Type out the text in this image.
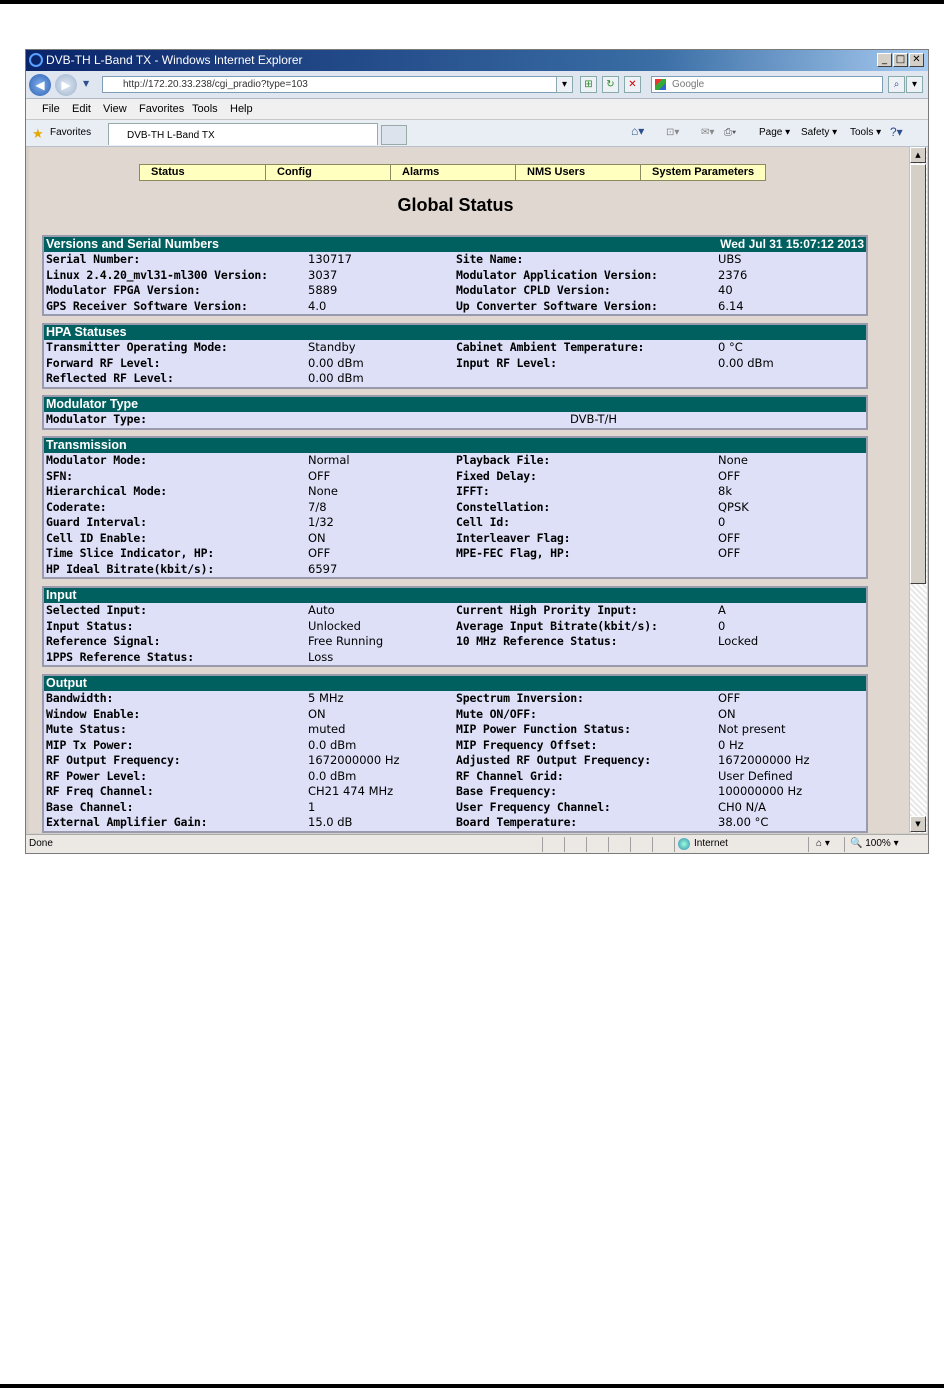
DVB-TH L-Band TX - Windows Internet Explorer	_ □ ✕
◀	▶	▼	http://172.20.33.238/cgi_pradio?type=103	▾	⊞	↻	✕	Google	⌕	▾
File Edit View Favorites Tools Help
★ Favorites	DVB-TH L-Band TX	⌂▾ ⊡▾ ✉▾ ⎙▾ Page ▾ Safety ▾ Tools ▾ ?▾
Status	Config	Alarms	NMS Users	System Parameters
Global Status
Versions and Serial Numbers	Wed Jul 31 15:07:12 2013
Serial Number:	130717	Site Name:	UBS
Linux 2.4.20_mvl31-ml300 Version:	3037	Modulator Application Version:	2376
Modulator FPGA Version:	5889	Modulator CPLD Version:	40
GPS Receiver Software Version:	4.0	Up Converter Software Version:	6.14
HPA Statuses
Transmitter Operating Mode:	Standby	Cabinet Ambient Temperature:	0 °C
Forward RF Level:	0.00 dBm	Input RF Level:	0.00 dBm
Reflected RF Level:	0.00 dBm
Modulator Type
Modulator Type:	DVB-T/H
Transmission
Modulator Mode:	Normal	Playback File:	None
SFN:	OFF	Fixed Delay:	OFF
Hierarchical Mode:	None	IFFT:	8k
Coderate:	7/8	Constellation:	QPSK
Guard Interval:	1/32	Cell Id:	0
Cell ID Enable:	ON	Interleaver Flag:	OFF
Time Slice Indicator, HP:	OFF	MPE-FEC Flag, HP:	OFF
HP Ideal Bitrate(kbit/s):	6597
Input
Selected Input:	Auto	Current High Prority Input:	A
Input Status:	Unlocked	Average Input Bitrate(kbit/s):	0
Reference Signal:	Free Running	10 MHz Reference Status:	Locked
1PPS Reference Status:	Loss
Output
Bandwidth:	5 MHz	Spectrum Inversion:	OFF
Window Enable:	ON	Mute ON/OFF:	ON
Mute Status:	muted	MIP Power Function Status:	Not present
MIP Tx Power:	0.0 dBm	MIP Frequency Offset:	0 Hz
RF Output Frequency:	1672000000 Hz	Adjusted RF Output Frequency:	1672000000 Hz
RF Power Level:	0.0 dBm	RF Channel Grid:	User Defined
RF Freq Channel:	CH21 474 MHz	Base Frequency:	100000000 Hz
Base Channel:	1	User Frequency Channel:	CH0 N/A
External Amplifier Gain:	15.0 dB	Board Temperature:	38.00 °C
▲
▼
Done	Internet	⌂ ▾ 🔍 100% ▾
